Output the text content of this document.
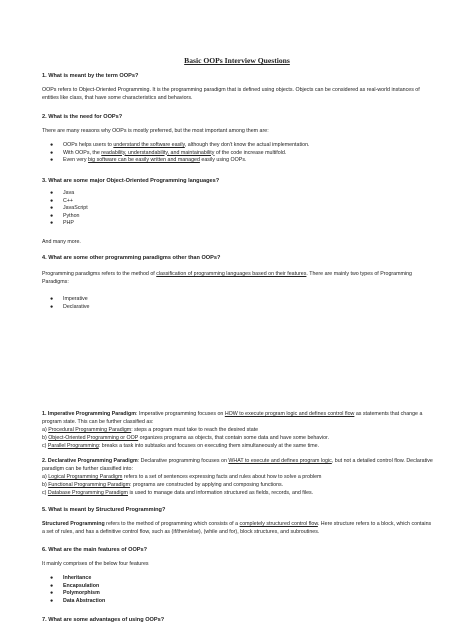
Basic OOPs Interview Questions

1. What is meant by the term OOPs?

OOPs refers to Object-Oriented Programming. It is the programming paradigm that is defined using objects. Objects can be considered as real-world instances of entities like class, that have some characteristics and behaviors.

2. What is the need for OOPs?

There are many reasons why OOPs is mostly preferred, but the most important among them are:

● OOPs helps users to understand the software easily, although they don't know the actual implementation.
● With OOPs, the readability, understandability, and maintainability of the code increase multifold.
● Even very big software can be easily written and managed easily using OOPs.

3. What are some major Object-Oriented Programming languages?

● Java
● C++
● JavaScript
● Python
● PHP

And many more.

4. What are some other programming paradigms other than OOPs?

Programming paradigms refers to the method of classification of programming languages based on their features. There are mainly two types of Programming Paradigms:

● Imperative
● Declarative

1. Imperative Programming Paradigm: Imperative programming focuses on HOW to execute program logic and defines control flow as statements that change a program state. This can be further classified as:
a) Procedural Programming Paradigm: steps a program must take to reach the desired state
b) Object-Oriented Programming or OOP organizes programs as objects, that contain some data and have some behavior.
c) Parallel Programming: breaks a task into subtasks and focuses on executing them simultaneously at the same time.

2. Declarative Programming Paradigm: Declarative programming focuses on WHAT to execute and defines program logic, but not a detailed control flow. Declarative paradigm can be further classified into:
a) Logical Programming Paradigm refers to a set of sentences expressing facts and rules about how to solve a problem
b) Functional Programming Paradigm: programs are constructed by applying and composing functions.
c) Database Programming Paradigm is used to manage data and information structured as fields, records, and files.

5. What is meant by Structured Programming?

Structured Programming refers to the method of programming which consists of a completely structured control flow. Here structure refers to a block, which contains a set of rules, and has a definitive control flow, such as (if/then/else), (while and for), block structures, and subroutines.

6. What are the main features of OOPs?

It mainly comprises of the below four features

● Inheritance
● Encapsulation
● Polymorphism
● Data Abstraction

7. What are some advantages of using OOPs?
